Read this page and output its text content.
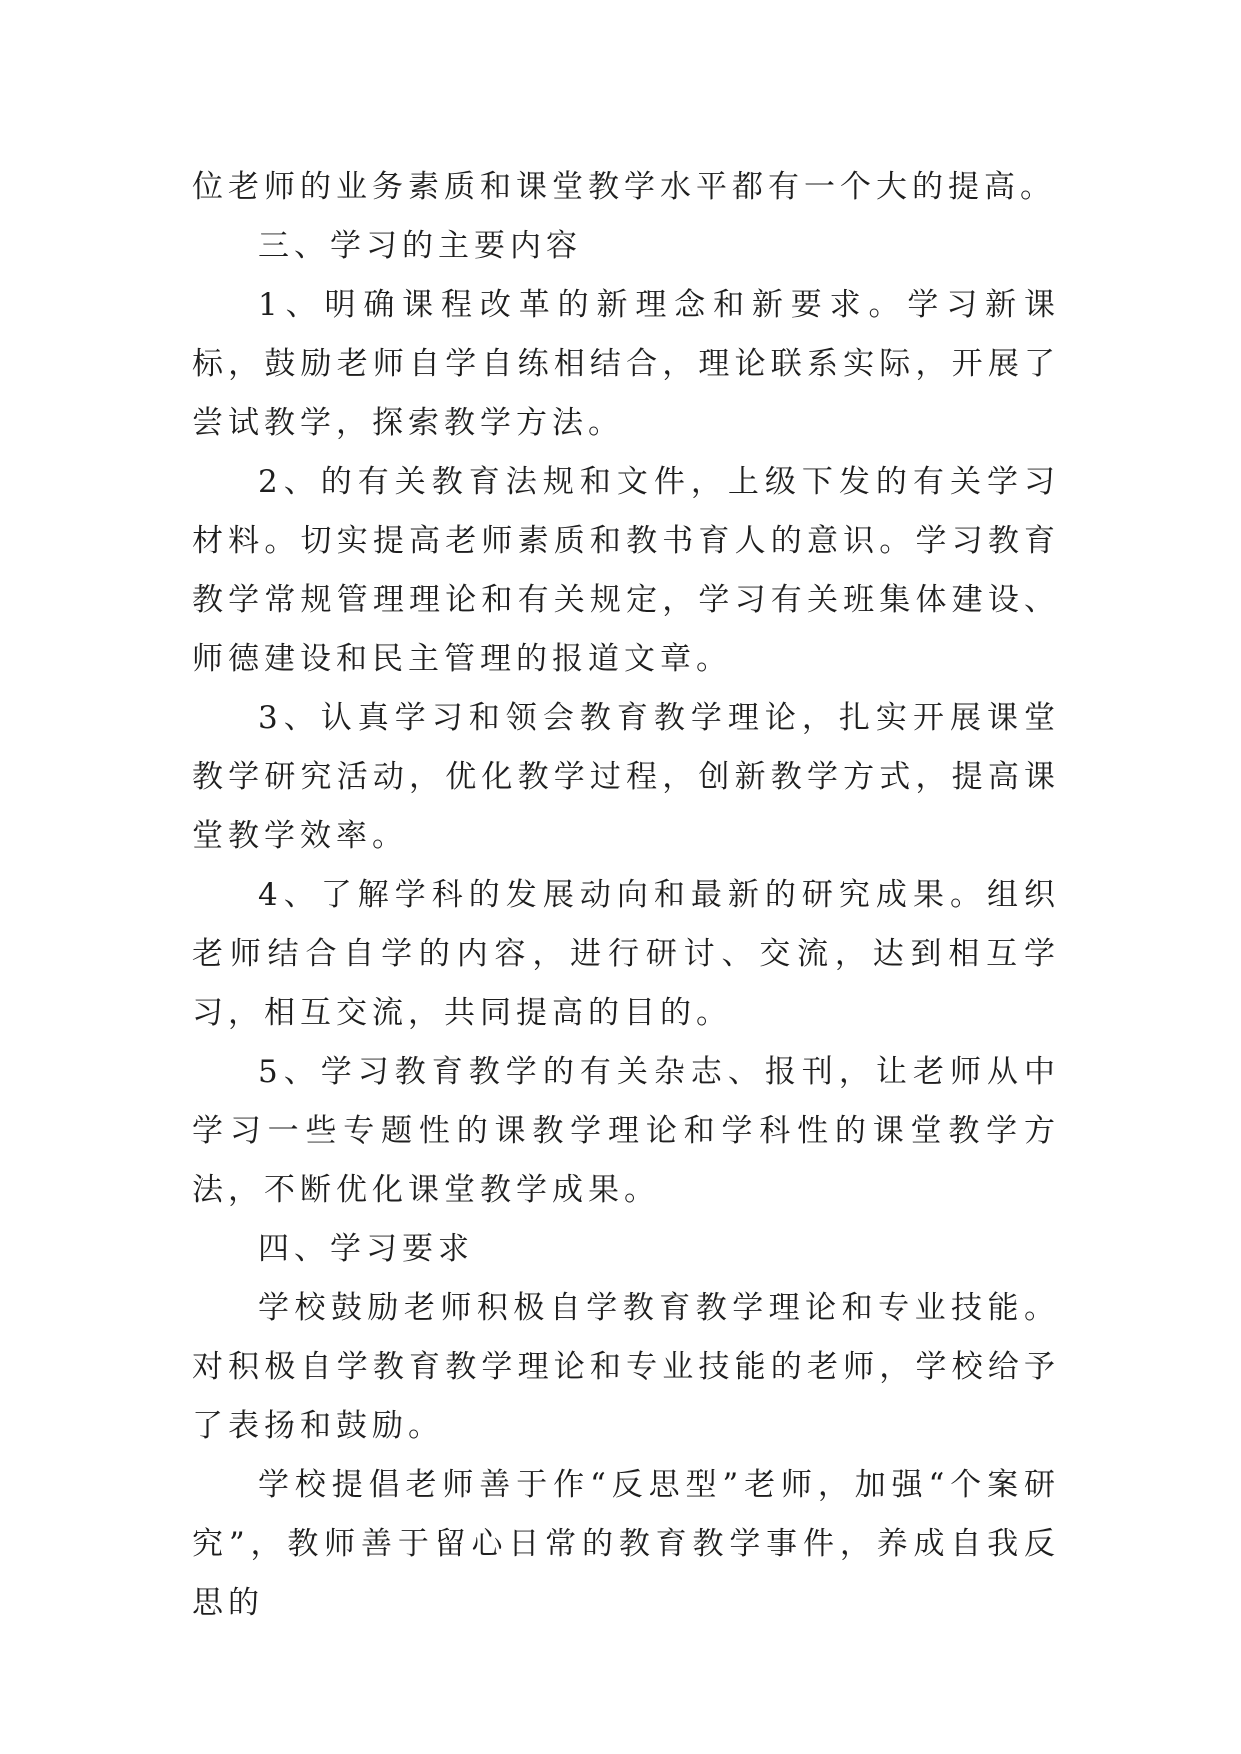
位老师的业务素质和课堂教学水平都有一个大的提高。

三、学习的主要内容

1、明确课程改革的新理念和新要求。学习新课标，鼓励老师自学自练相结合，理论联系实际，开展了尝试教学，探索教学方法。

2、的有关教育法规和文件，上级下发的有关学习材料。切实提高老师素质和教书育人的意识。学习教育教学常规管理理论和有关规定，学习有关班集体建设、师德建设和民主管理的报道文章。

3、认真学习和领会教育教学理论，扎实开展课堂教学研究活动，优化教学过程，创新教学方式，提高课堂教学效率。

4、了解学科的发展动向和最新的研究成果。组织老师结合自学的内容，进行研讨、交流，达到相互学习，相互交流，共同提高的目的。

5、学习教育教学的有关杂志、报刊，让老师从中学习一些专题性的课教学理论和学科性的课堂教学方法，不断优化课堂教学成果。

四、学习要求

学校鼓励老师积极自学教育教学理论和专业技能。对积极自学教育教学理论和专业技能的老师，学校给予了表扬和鼓励。

学校提倡老师善于作“反思型”老师，加强“个案研究”，教师善于留心日常的教育教学事件，养成自我反思的
